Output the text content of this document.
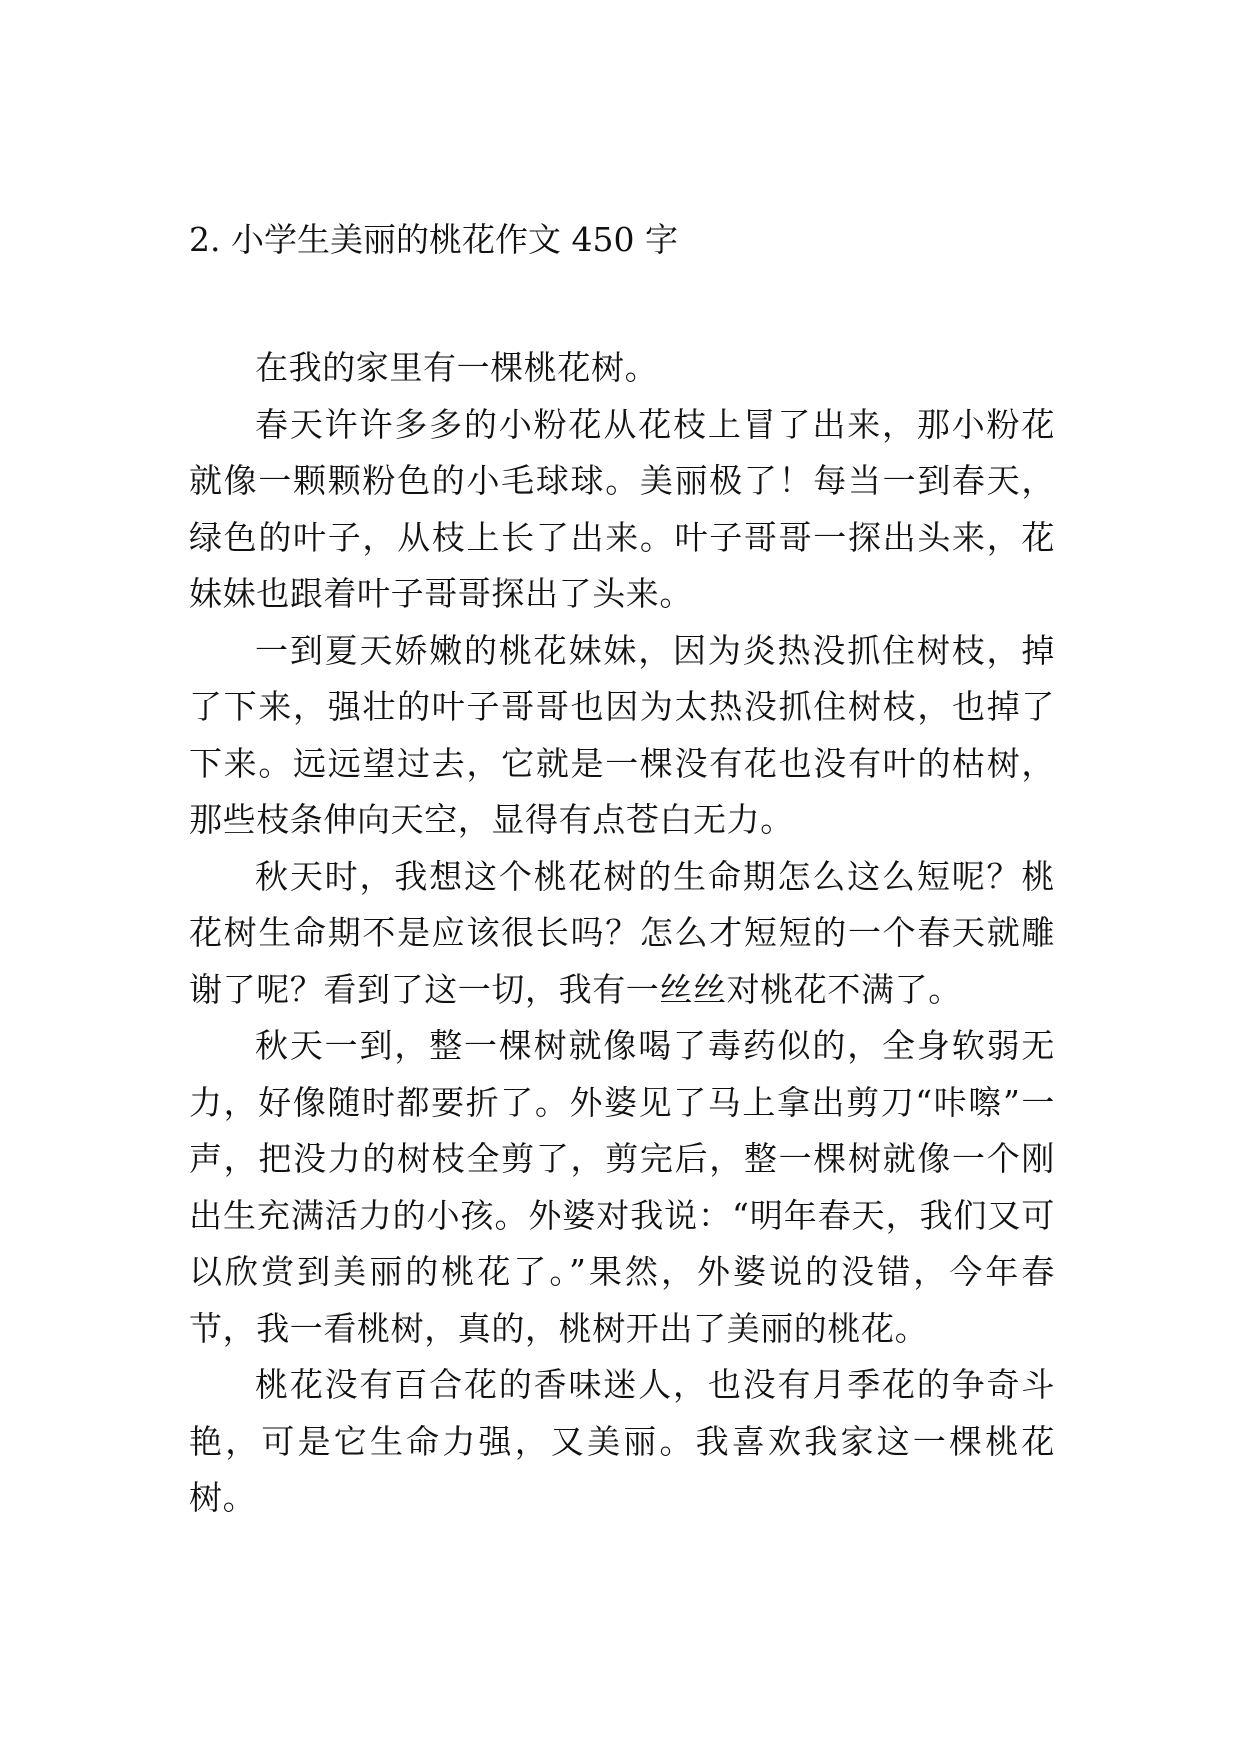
2. 小学生美丽的桃花作文 450 字

在我的家里有一棵桃花树。

春天许许多多的小粉花从花枝上冒了出来，那小粉花就像一颗颗粉色的小毛球球。美丽极了！每当一到春天，绿色的叶子，从枝上长了出来。叶子哥哥一探出头来，花妹妹也跟着叶子哥哥探出了头来。

一到夏天娇嫩的桃花妹妹，因为炎热没抓住树枝，掉了下来，强壮的叶子哥哥也因为太热没抓住树枝，也掉了下来。远远望过去，它就是一棵没有花也没有叶的枯树，那些枝条伸向天空，显得有点苍白无力。

秋天时，我想这个桃花树的生命期怎么这么短呢？桃花树生命期不是应该很长吗？怎么才短短的一个春天就雕谢了呢？看到了这一切，我有一丝丝对桃花不满了。

秋天一到，整一棵树就像喝了毒药似的，全身软弱无力，好像随时都要折了。外婆见了马上拿出剪刀“咔嚓”一声，把没力的树枝全剪了，剪完后，整一棵树就像一个刚出生充满活力的小孩。外婆对我说：“明年春天，我们又可以欣赏到美丽的桃花了。”果然，外婆说的没错，今年春节，我一看桃树，真的，桃树开出了美丽的桃花。

桃花没有百合花的香味迷人，也没有月季花的争奇斗艳，可是它生命力强，又美丽。我喜欢我家这一棵桃花树。
